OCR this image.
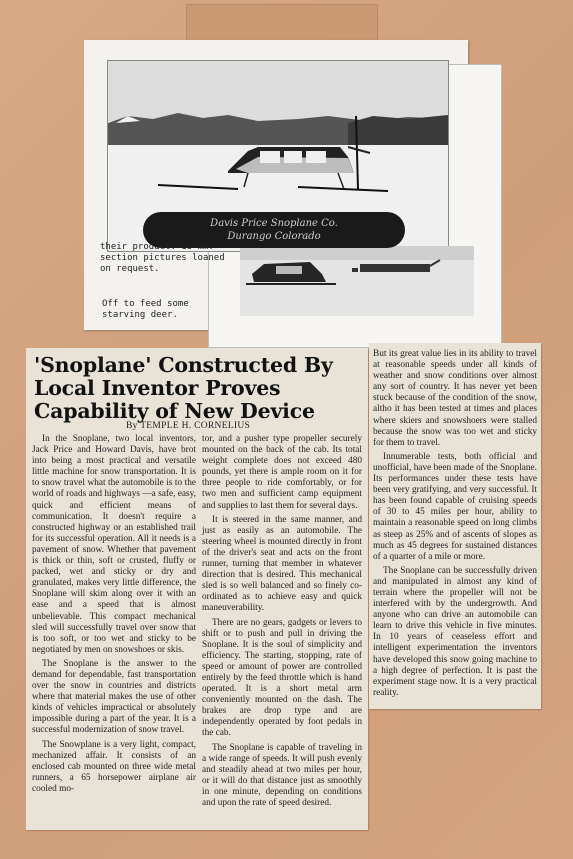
Davis Price Snoplane Co.
Durango Colorado
their product. 16 mm.
section pictures loaned
on request.
Off to feed some
starving deer.
'Snoplane' Constructed By Local Inventor Proves Capability of New Device
By TEMPLE H. CORNELIUS

In the Snoplane, two local inventors, Jack Price and Howard Davis, have brot into being a most practical and versatile little machine for snow transportation. It is to snow travel what the automobile is to the world of roads and highways —a safe, easy, quick and efficient means of communication. It doesn't require a constructed highway or an established trail for its successful operation. All it needs is a pavement of snow. Whether that pavement is thick or thin, soft or crusted, fluffy or packed, wet and sticky or dry and granulated, makes very little difference, the Snoplane will skim along over it with an ease and a speed that is almost unbelievable. This compact mechanical sled will successfully travel over snow that is too soft, or too wet and sticky to be negotiated by men on snowshoes or skis.

The Snoplane is the answer to the demand for dependable, fast transportation over the snow in countries and districts where that material makes the use of other kinds of vehicles impractical or absolutely impossible during a part of the year. It is a successful modernization of snow travel.

The Snowplane is a very light, compact, mechanized affair. It consists of an enclosed cab mounted on three wide metal runners, a 65 horsepower airplane air cooled mo-

tor, and a pusher type propeller securely mounted on the back of the cab. Its total weight complete does not exceed 480 pounds, yet there is ample room on it for three people to ride comfortably, or for two men and sufficient camp equipment and supplies to last them for several days.

It is steered in the same manner, and just as easily as an automobile. The steering wheel is mounted directly in front of the driver's seat and acts on the front runner, turning that member in whatever direction that is desired. This mechanical sled is so well balanced and so finely co-ordinated as to achieve easy and quick maneuverability.

There are no gears, gadgets or levers to shift or to push and pull in driving the Snoplane. It is the soul of simplicity and efficiency. The starting, stopping, rate of speed or amount of power are controlled entirely by the feed throttle which is hand operated. It is a short metal arm conveniently mounted on the dash. The brakes are drop type and are independently operated by foot pedals in the cab.

The Snoplane is capable of traveling in a wide range of speeds. It will push evenly and steadily ahead at two miles per hour, or it will do that distance just as smoothly in one minute, depending on conditions and upon the rate of speed desired.

But its great value lies in its ability to travel at reasonable speeds under all kinds of weather and snow conditions over almost any sort of country. It has never yet been stuck because of the condition of the snow, altho it has been tested at times and places where skiers and snowshoers were stalled because the snow was too wet and sticky for them to travel.

Innumerable tests, both official and unofficial, have been made of the Snoplane. Its performances under these tests have been very gratifying, and very successful. It has been found capable of cruising speeds of 30 to 45 miles per hour, ability to maintain a reasonable speed on long climbs as steep as 25% and of ascents of slopes as much as 45 degrees for sustained distances of a quarter of a mile or more.

The Snoplane can be successfully driven and manipulated in almost any kind of terrain where the propeller will not be interfered with by the undergrowth. And anyone who can drive an automobile can learn to drive this vehicle in five minutes. In 10 years of ceaseless effort and intelligent experimentation the inventors have developed this snow going machine to a high degree of perfection. It is past the experiment stage now. It is a very practical reality.
